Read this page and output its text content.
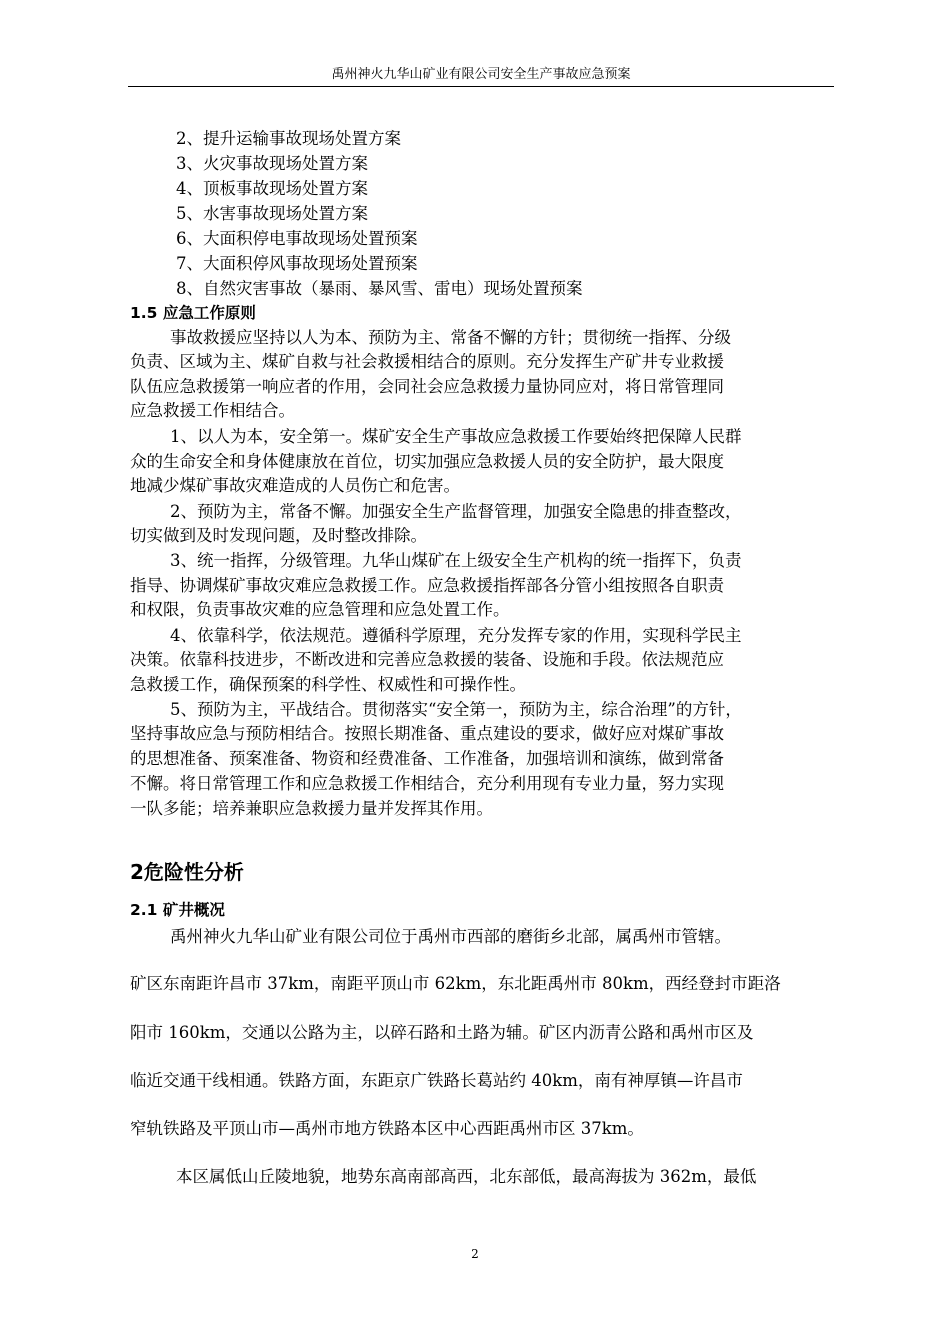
禹州神火九华山矿业有限公司安全生产事故应急预案
2、提升运输事故现场处置方案
3、火灾事故现场处置方案
4、顶板事故现场处置方案
5、水害事故现场处置方案
6、大面积停电事故现场处置预案
7、大面积停风事故现场处置预案
8、自然灾害事故（暴雨、暴风雪、雷电）现场处置预案
1.5 应急工作原则
事故救援应坚持以人为本、预防为主、常备不懈的方针；贯彻统一指挥、分级
负责、区域为主、煤矿自救与社会救援相结合的原则。充分发挥生产矿井专业救援
队伍应急救援第一响应者的作用，会同社会应急救援力量协同应对，将日常管理同
应急救援工作相结合。
1、以人为本，安全第一。煤矿安全生产事故应急救援工作要始终把保障人民群
众的生命安全和身体健康放在首位，切实加强应急救援人员的安全防护，最大限度
地减少煤矿事故灾难造成的人员伤亡和危害。
2、预防为主，常备不懈。加强安全生产监督管理，加强安全隐患的排查整改，
切实做到及时发现问题，及时整改排除。
3、统一指挥，分级管理。九华山煤矿在上级安全生产机构的统一指挥下，负责
指导、协调煤矿事故灾难应急救援工作。应急救援指挥部各分管小组按照各自职责
和权限，负责事故灾难的应急管理和应急处置工作。
4、依靠科学，依法规范。遵循科学原理，充分发挥专家的作用，实现科学民主
决策。依靠科技进步，不断改进和完善应急救援的装备、设施和手段。依法规范应
急救援工作，确保预案的科学性、权威性和可操作性。
5、预防为主，平战结合。贯彻落实“安全第一，预防为主，综合治理”的方针，
坚持事故应急与预防相结合。按照长期准备、重点建设的要求，做好应对煤矿事故
的思想准备、预案准备、物资和经费准备、工作准备，加强培训和演练，做到常备
不懈。将日常管理工作和应急救援工作相结合，充分利用现有专业力量，努力实现
一队多能；培养兼职应急救援力量并发挥其作用。
2危险性分析
2.1 矿井概况
禹州神火九华山矿业有限公司位于禹州市西部的磨街乡北部，属禹州市管辖。
矿区东南距许昌市 37km，南距平顶山市 62km，东北距禹州市 80km，西经登封市距洛
阳市 160km，交通以公路为主，以碎石路和土路为辅。矿区内沥青公路和禹州市区及
临近交通干线相通。铁路方面，东距京广铁路长葛站约 40km，南有神厚镇—许昌市
窄轨铁路及平顶山市—禹州市地方铁路本区中心西距禹州市区 37km。
本区属低山丘陵地貌，地势东高南部高西，北东部低，最高海拔为 362m，最低
2
